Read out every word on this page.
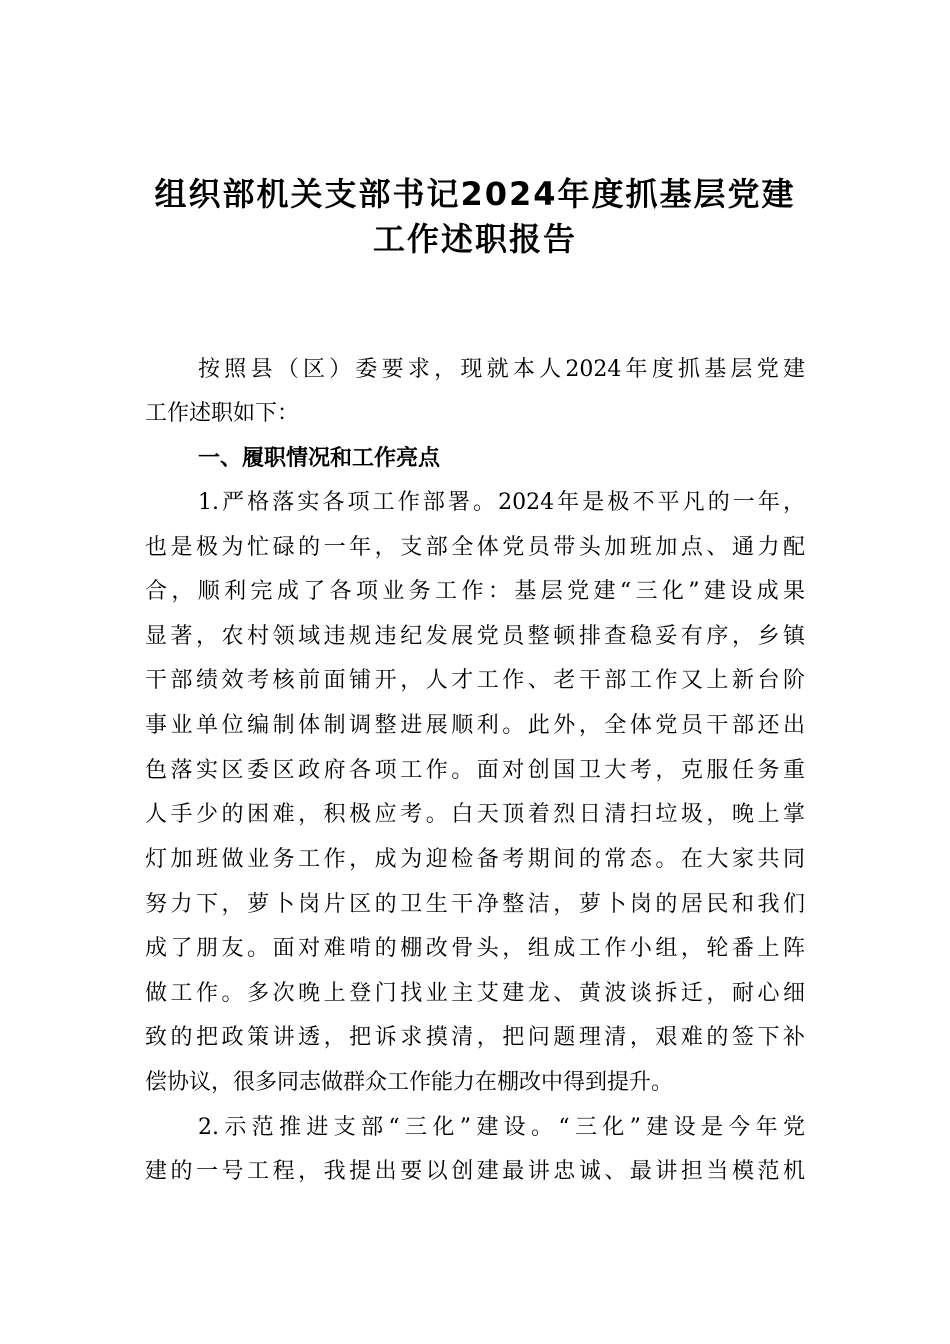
组织部机关支部书记2024年度抓基层党建
工作述职报告
按照县（区）委要求，现就本人2024年度抓基层党建
工作述职如下：
一、履职情况和工作亮点
1.严格落实各项工作部署。2024年是极不平凡的一年，
也是极为忙碌的一年，支部全体党员带头加班加点、通力配
合，顺利完成了各项业务工作：基层党建“三化”建设成果
显著，农村领域违规违纪发展党员整顿排查稳妥有序，乡镇
干部绩效考核前面铺开，人才工作、老干部工作又上新台阶
事业单位编制体制调整进展顺利。此外，全体党员干部还出
色落实区委区政府各项工作。面对创国卫大考，克服任务重
人手少的困难，积极应考。白天顶着烈日清扫垃圾，晚上掌
灯加班做业务工作，成为迎检备考期间的常态。在大家共同
努力下，萝卜岗片区的卫生干净整洁，萝卜岗的居民和我们
成了朋友。面对难啃的棚改骨头，组成工作小组，轮番上阵
做工作。多次晚上登门找业主艾建龙、黄波谈拆迁，耐心细
致的把政策讲透，把诉求摸清，把问题理清，艰难的签下补
偿协议，很多同志做群众工作能力在棚改中得到提升。
2.示范推进支部“三化”建设。“三化”建设是今年党
建的一号工程，我提出要以创建最讲忠诚、最讲担当模范机
